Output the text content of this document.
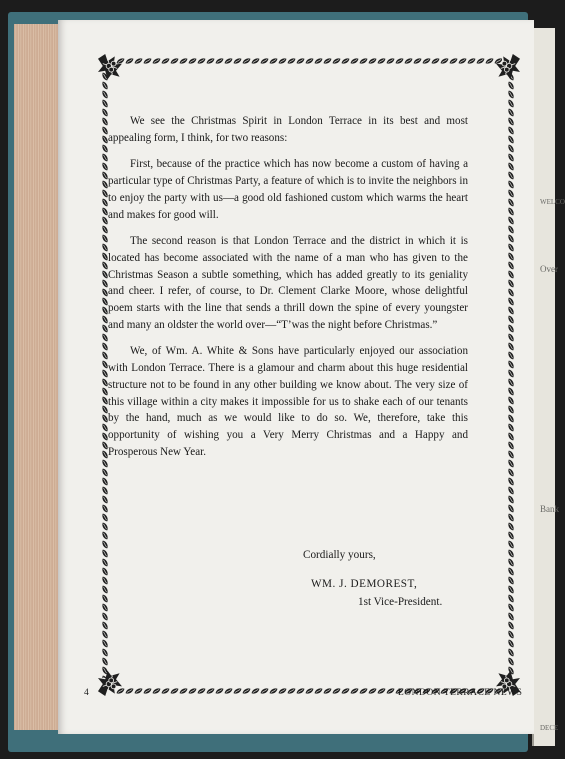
WELCO
Over
Bank
DECE

We see the Christmas Spirit in London Terrace in its best and most appealing form, I think, for two reasons:

First, because of the practice which has now become a custom of having a particular type of Christmas Party, a feature of which is to invite the neighbors in to enjoy the party with us—a good old fashioned custom which warms the heart and makes for good will.

The second reason is that London Terrace and the district in which it is located has become associated with the name of a man who has given to the Christmas Season a subtle something, which has added greatly to its geniality and cheer. I refer, of course, to Dr. Clement Clarke Moore, whose delightful poem starts with the line that sends a thrill down the spine of every youngster and many an oldster the world over—“T’was the night before Christmas.”

We, of Wm. A. White & Sons have particularly enjoyed our association with London Terrace. There is a glamour and charm about this huge residential structure not to be found in any other building we know about. The very size of this village within a city makes it impossible for us to shake each of our tenants by the hand, much as we would like to do so. We, therefore, take this opportunity of wishing you a Very Merry Christmas and a Happy and Prosperous New Year.

Cordially yours,
WM. J. DEMOREST,
1st Vice-President.
4	LONDON TERRACE NEWS
